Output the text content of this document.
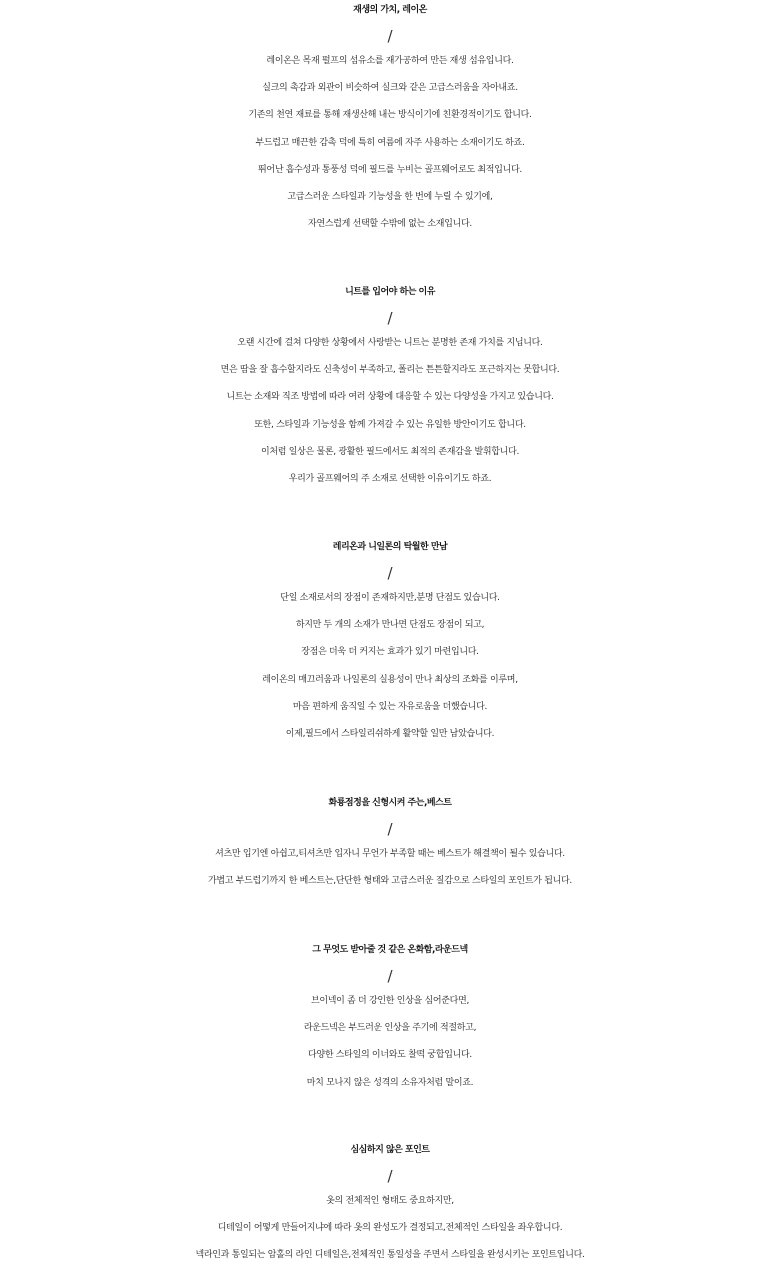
재생의 가치, 레이온
/
레이온은 목재 펄프의 섬유소를 재가공하여 만든 재생 섬유입니다.
실크의 촉감과 외관이 비슷하여 실크와 같은 고급스러움을 자아내죠.
기존의 천연 재료를 통해 재생산해 내는 방식이기에 친환경적이기도 합니다.
부드럽고 매끈한 감촉 덕에 특히 여름에 자주 사용하는 소재이기도 하죠.
뛰어난 흡수성과 통풍성 덕에 필드를 누비는 골프웨어로도 최적입니다.
고급스러운 스타일과 기능성을 한 번에 누릴 수 있기에,
자연스럽게 선택할 수밖에 없는 소재입니다.
니트를 입어야 하는 이유
/
오랜 시간에 걸쳐 다양한 상황에서 사랑받는 니트는 분명한 존재 가치를 지닙니다.
면은 땀을 잘 흡수할지라도 신축성이 부족하고, 폴리는 튼튼할지라도 포근하지는 못합니다.
니트는 소재와 직조 방법에 따라 여러 상황에 대응할 수 있는 다양성을 가지고 있습니다.
또한, 스타일과 기능성을 함께 가져갈 수 있는 유일한 방안이기도 합니다.
이처럼 일상은 물론, 광활한 필드에서도 최적의 존재감을 발휘합니다.
우리가 골프웨어의 주 소재로 선택한 이유이기도 하죠.
레리온과 니일론의 탁월한 만남
/
단일 소재로서의 장점이 존재하지만,분명 단점도 있습니다.
하지만 두 개의 소재가 만나면 단점도 장점이 되고,
장점은 더욱 더 커지는 효과가 있기 마련입니다.
레이온의 매끄러움과 나일론의 실용성이 만나 최상의 조화를 이루며,
마음 편하게 움직일 수 있는 자유로움을 더했습니다.
이제,필드에서 스타일리쉬하게 활약할 일만 남았습니다.
화룡점정을 신형시켜 주는,베스트
/
셔츠만 입기엔 아쉽고,티셔츠만 입자니 무언가 부족할 때는 베스트가 해결책이 될수 있습니다.
가볍고 부드럽기까지 한 베스트는,단단한 형태와 고급스러운 질감으로 스타일의 포인트가 됩니다.
그 무엇도 받아줄 것 같은 온화함,라운드넥
/
브이넥이 좀 더 강인한 인상을 심어준다면,
라운드넥은 부드러운 인상을 주기에 적절하고,
다양한 스타일의 이너와도 찰떡 궁합입니다.
마치 모나지 않은 성격의 소유자처럼 말이죠.
심심하지 않은 포인트
/
옷의 전체적인 형태도 중요하지만,
디테일이 어떻게 만들어지냐에 따라 옷의 완성도가 결정되고,전체적인 스타일을 좌우합니다.
넥라인과 통일되는 암홀의 라인 디테일은,전체적인 통일성을 주면서 스타일을 완성시키는 포인트입니다.
